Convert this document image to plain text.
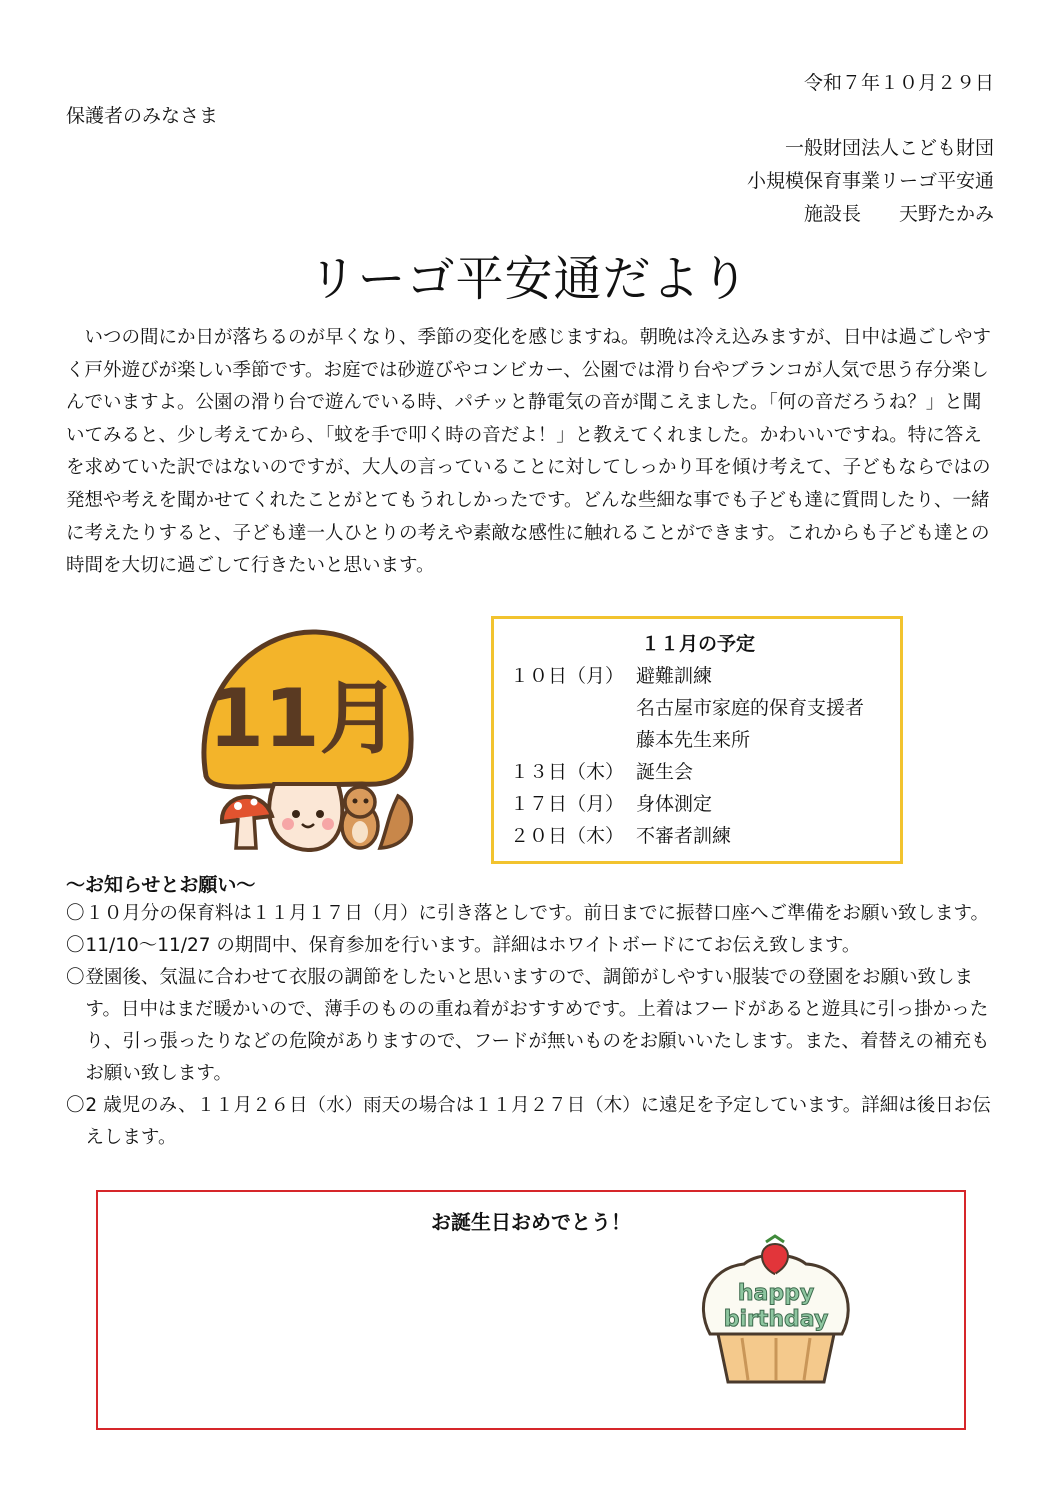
令和７年１０月２９日
保護者のみなさま
一般財団法人こども財団
小規模保育事業リーゴ平安通
施設長　　天野たかみ
リーゴ平安通だより

いつの間にか日が落ちるのが早くなり、季節の変化を感じますね。朝晩は冷え込みますが、日中は過ごしやすく戸外遊びが楽しい季節です。お庭では砂遊びやコンビカー、公園では滑り台やブランコが人気で思う存分楽しんでいますよ。公園の滑り台で遊んでいる時、パチッと静電気の音が聞こえました。「何の音だろうね？」と聞いてみると、少し考えてから、「蚊を手で叩く時の音だよ！」と教えてくれました。かわいいですね。特に答えを求めていた訳ではないのですが、大人の言っていることに対してしっかり耳を傾け考えて、子どもならではの発想や考えを聞かせてくれたことがとてもうれしかったです。どんな些細な事でも子ども達に質問したり、一緒に考えたりすると、子ども達一人ひとりの考えや素敵な感性に触れることができます。これからも子ども達との時間を大切に過ごして行きたいと思います。

11月
１１月の予定
１０日（月） 避難訓練
名古屋市家庭的保育支援者
藤本先生来所
１３日（木） 誕生会
１７日（月） 身体測定
２０日（木） 不審者訓練
～お知らせとお願い～
〇１０月分の保育料は１１月１７日（月）に引き落としです。前日までに振替口座へご準備をお願い致します。
〇11/10～11/27 の期間中、保育参加を行います。詳細はホワイトボードにてお伝え致します。
〇登園後、気温に合わせて衣服の調節をしたいと思いますので、調節がしやすい服装での登園をお願い致します。日中はまだ暖かいので、薄手のものの重ね着がおすすめです。上着はフードがあると遊具に引っ掛かったり、引っ張ったりなどの危険がありますので、フードが無いものをお願いいたします。また、着替えの補充もお願い致します。
〇2 歳児のみ、１１月２６日（水）雨天の場合は１１月２７日（木）に遠足を予定しています。詳細は後日お伝えします。
お誕生日おめでとう！
happy
birthday
